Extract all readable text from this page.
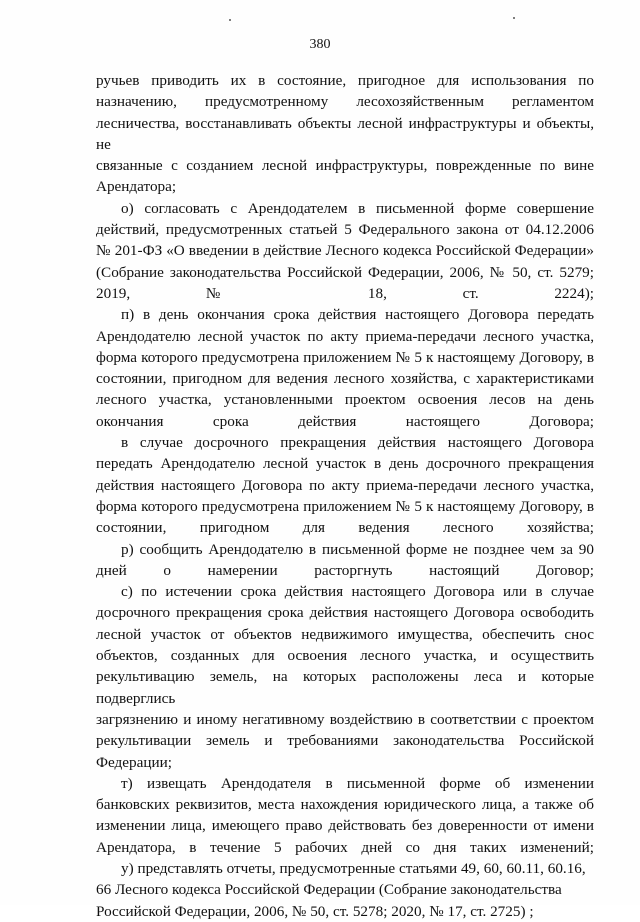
380

ручьев приводить их в состояние, пригодное для использования по
назначению, предусмотренному лесохозяйственным регламентом
лесничества, восстанавливать объекты лесной инфраструктуры и объекты, не
связанные с созданием лесной инфраструктуры, поврежденные по вине
Арендатора;

о) согласовать с Арендодателем в письменной форме совершение
действий, предусмотренных статьей 5 Федерального закона от 04.12.2006
№ 201-ФЗ «О введении в действие Лесного кодекса Российской Федерации»
(Собрание законодательства Российской Федерации, 2006, № 50, ст. 5279;
2019, № 18, ст. 2224);

п) в день окончания срока действия настоящего Договора передать
Арендодателю лесной участок по акту приема-передачи лесного участка,
форма которого предусмотрена приложением № 5 к настоящему Договору, в
состоянии, пригодном для ведения лесного хозяйства, с характеристиками
лесного участка, установленными проектом освоения лесов на день
окончания срока действия настоящего Договора;

в случае досрочного прекращения действия настоящего Договора
передать Арендодателю лесной участок в день досрочного прекращения
действия настоящего Договора по акту приема-передачи лесного участка,
форма которого предусмотрена приложением № 5 к настоящему Договору, в
состоянии, пригодном для ведения лесного хозяйства;

р) сообщить Арендодателю в письменной форме не позднее чем за 90
дней о намерении расторгнуть настоящий Договор;

с) по истечении срока действия настоящего Договора или в случае
досрочного прекращения срока действия настоящего Договора освободить
лесной участок от объектов недвижимого имущества, обеспечить снос
объектов, созданных для освоения лесного участка, и осуществить
рекультивацию земель, на которых расположены леса и которые подверглись
загрязнению и иному негативному воздействию в соответствии с проектом
рекультивации земель и требованиями законодательства Российской
Федерации;

т) извещать Арендодателя в письменной форме об изменении
банковских реквизитов, места нахождения юридического лица, а также об
изменении лица, имеющего право действовать без доверенности от имени
Арендатора, в течение 5 рабочих дней со дня таких изменений;

у) представлять отчеты, предусмотренные статьями 49, 60, 60.11, 60.16,
66 Лесного кодекса Российской Федерации (Собрание законодательства
Российской Федерации, 2006, № 50, ст. 5278; 2020, № 17, ст. 2725) ;
